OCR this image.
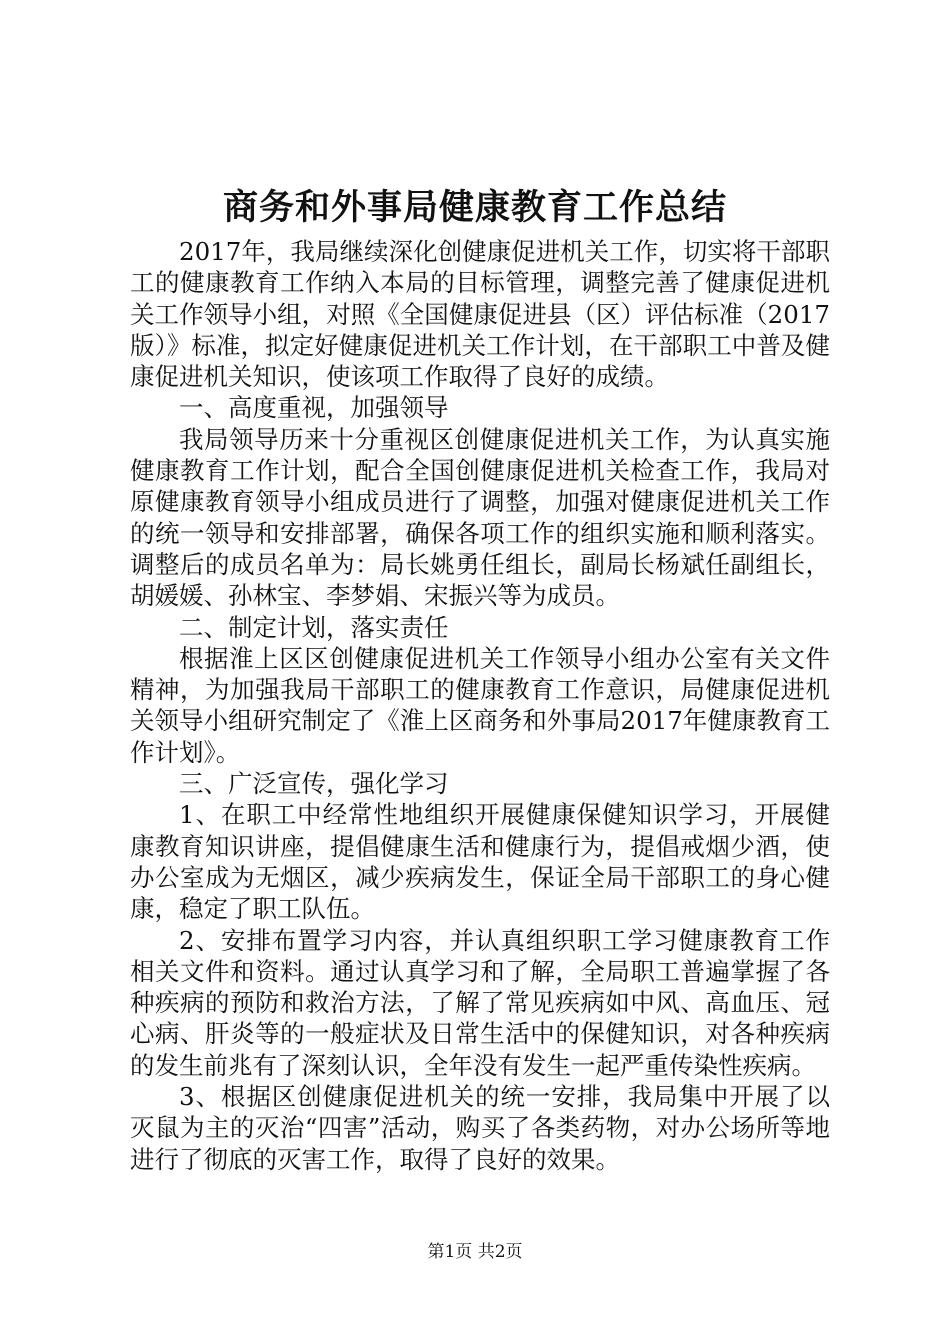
商务和外事局健康教育工作总结

2017年，我局继续深化创健康促进机关工作，切实将干部职工的健康教育工作纳入本局的目标管理，调整完善了健康促进机关工作领导小组，对照《全国健康促进县（区）评估标准（2017版）》标准，拟定好健康促进机关工作计划，在干部职工中普及健康促进机关知识，使该项工作取得了良好的成绩。

一、高度重视，加强领导

我局领导历来十分重视区创健康促进机关工作，为认真实施健康教育工作计划，配合全国创健康促进机关检查工作，我局对原健康教育领导小组成员进行了调整，加强对健康促进机关工作的统一领导和安排部署，确保各项工作的组织实施和顺利落实。调整后的成员名单为：局长姚勇任组长，副局长杨斌任副组长，胡媛媛、孙林宝、李梦娟、宋振兴等为成员。

二、制定计划，落实责任

根据淮上区区创健康促进机关工作领导小组办公室有关文件精神，为加强我局干部职工的健康教育工作意识，局健康促进机关领导小组研究制定了《淮上区商务和外事局2017年健康教育工作计划》。

三、广泛宣传，强化学习

1、在职工中经常性地组织开展健康保健知识学习，开展健康教育知识讲座，提倡健康生活和健康行为，提倡戒烟少酒，使办公室成为无烟区，减少疾病发生，保证全局干部职工的身心健康，稳定了职工队伍。

2、安排布置学习内容，并认真组织职工学习健康教育工作相关文件和资料。通过认真学习和了解，全局职工普遍掌握了各种疾病的预防和救治方法，了解了常见疾病如中风、高血压、冠心病、肝炎等的一般症状及日常生活中的保健知识，对各种疾病的发生前兆有了深刻认识，全年没有发生一起严重传染性疾病。

3、根据区创健康促进机关的统一安排，我局集中开展了以灭鼠为主的灭治“四害”活动，购买了各类药物，对办公场所等地进行了彻底的灭害工作，取得了良好的效果。

第1页 共2页
